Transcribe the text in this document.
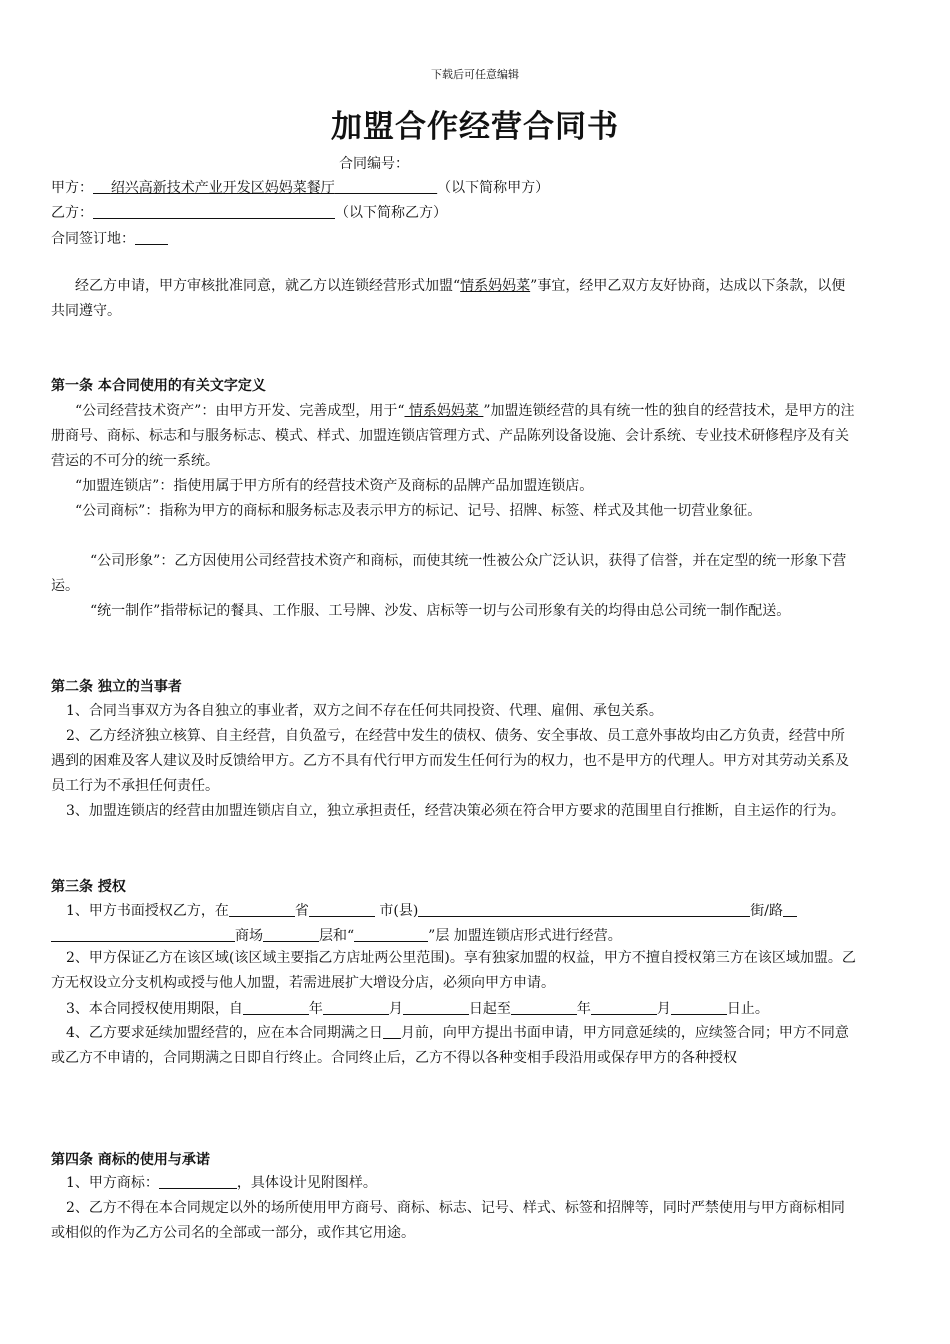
下载后可任意编辑
加盟合作经营合同书
合同编号：
甲方： 绍兴高新技术产业开发区妈妈菜餐厅	（以下简称甲方）
乙方：	（以下简称乙方）
合同签订地：
经乙方申请，甲方审核批准同意，就乙方以连锁经营形式加盟“情系妈妈菜”事宜，经甲乙双方友好协商，达成以下条款，以便共同遵守。
第一条 本合同使用的有关文字定义
“公司经营技术资产”：由甲方开发、完善成型，用于“ 情系妈妈菜 ”加盟连锁经营的具有统一性的独自的经营技术，是甲方的注册商号、商标、标志和与服务标志、模式、样式、加盟连锁店管理方式、产品陈列设备设施、会计系统、专业技术研修程序及有关营运的不可分的统一系统。
“加盟连锁店”：指使用属于甲方所有的经营技术资产及商标的品牌产品加盟连锁店。
“公司商标”：指称为甲方的商标和服务标志及表示甲方的标记、记号、招牌、标签、样式及其他一切营业象征。
“公司形象”：乙方因使用公司经营技术资产和商标，而使其统一性被公众广泛认识，获得了信誉，并在定型的统一形象下营运。
“统一制作”指带标记的餐具、工作服、工号牌、沙发、店标等一切与公司形象有关的均得由总公司统一制作配送。
第二条 独立的当事者
1、合同当事双方为各自独立的事业者，双方之间不存在任何共同投资、代理、雇佣、承包关系。
2、乙方经济独立核算、自主经营，自负盈亏，在经营中发生的债权、债务、安全事故、员工意外事故均由乙方负责，经营中所遇到的困难及客人建议及时反馈给甲方。乙方不具有代行甲方而发生任何行为的权力，也不是甲方的代理人。甲方对其劳动关系及员工行为不承担任何责任。
3、加盟连锁店的经营由加盟连锁店自立，独立承担责任，经营决策必须在符合甲方要求的范围里自行推断，自主运作的行为。
第三条 授权
1、甲方书面授权乙方，在	省	市(县)	街/路
商场	层和“	”层 加盟连锁店形式进行经营。
2、甲方保证乙方在该区域(该区域主要指乙方店址两公里范围)。享有独家加盟的权益，甲方不擅自授权第三方在该区域加盟。乙方无权设立分支机构或授与他人加盟，若需进展扩大增设分店，必须向甲方申请。
3、本合同授权使用期限，自	年	月	日起至	年	月	日止。
4、乙方要求延续加盟经营的，应在本合同期满之日 月前，向甲方提出书面申请，甲方同意延续的，应续签合同；甲方不同意或乙方不申请的，合同期满之日即自行终止。合同终止后，乙方不得以各种变相手段沿用或保存甲方的各种授权
第四条 商标的使用与承诺
1、甲方商标：	，具体设计见附图样。
2、乙方不得在本合同规定以外的场所使用甲方商号、商标、标志、记号、样式、标签和招牌等，同时严禁使用与甲方商标相同或相似的作为乙方公司名的全部或一部分，或作其它用途。
